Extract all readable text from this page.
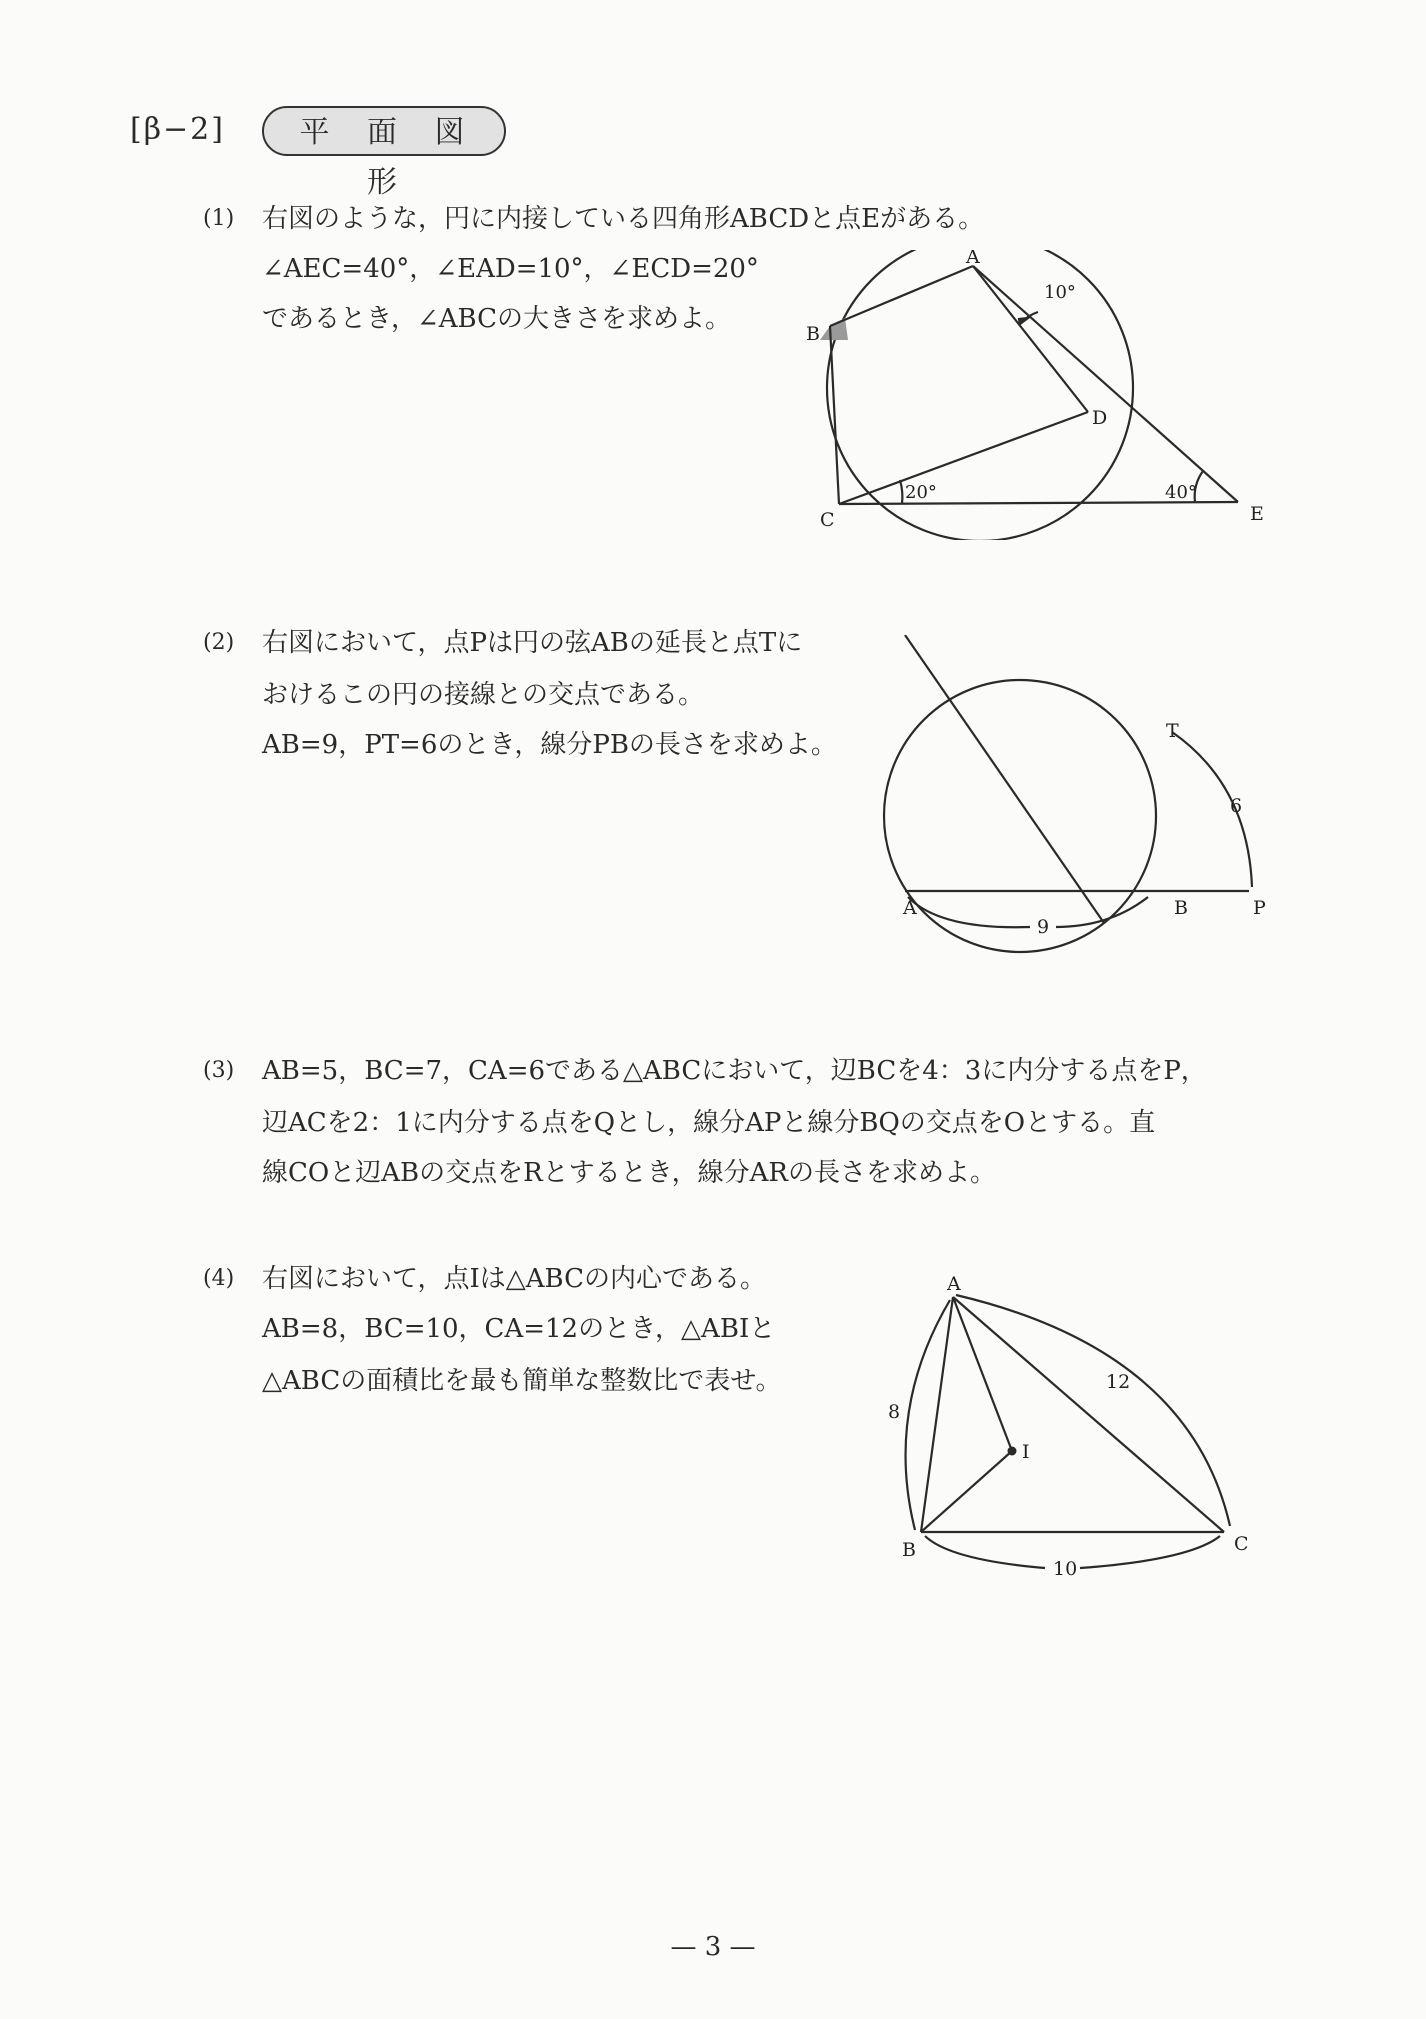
[β−2]	平 面 図 形
(1) 右図のような，円に内接している四角形ABCDと点Eがある。
∠AEC=40°，∠EAD=10°，∠ECD=20°
であるとき，∠ABCの大きさを求めよ。
A
B
C
D
E
10°
20°	40°
(2) 右図において，点Pは円の弦ABの延長と点Tに
おけるこの円の接線との交点である。
AB=9，PT=6のとき，線分PBの長さを求めよ。	T
A	B	P
6
9
(3) AB=5，BC=7，CA=6である△ABCにおいて，辺BCを4：3に内分する点をP，
辺ACを2：1に内分する点をQとし，線分APと線分BQの交点をOとする。直
線COと辺ABの交点をRとするとき，線分ARの長さを求めよ。
(4) 右図において，点Iは△ABCの内心である。
AB=8，BC=10，CA=12のとき，△ABIと
△ABCの面積比を最も簡単な整数比で表せ。
A
I
B	C
8
12
10
— 3 —
